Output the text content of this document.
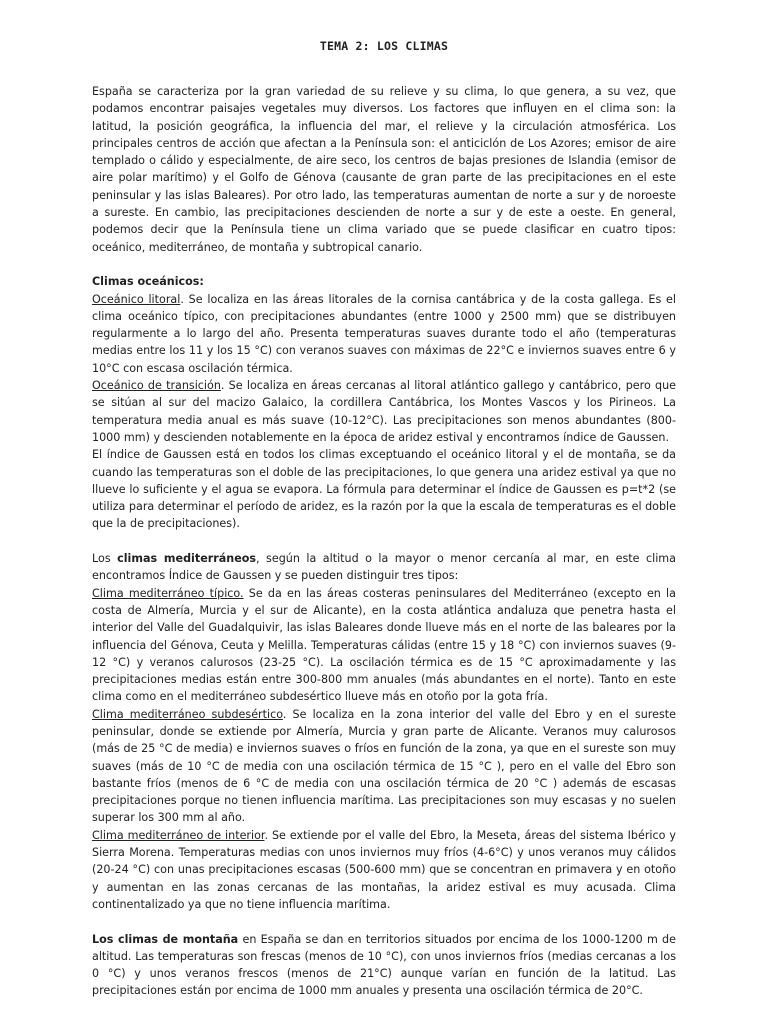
TEMA 2: LOS CLIMAS

España se caracteriza por la gran variedad de su relieve y su clima, lo que genera, a su vez, que podamos encontrar paisajes vegetales muy diversos. Los factores que influyen en el clima son: la latitud, la posición geográfica, la influencia del mar, el relieve y la circulación atmosférica. Los principales centros de acción que afectan a la Península son: el anticiclón de Los Azores; emisor de aire templado o cálido y especialmente, de aire seco, los centros de bajas presiones de Islandia (emisor de aire polar marítimo) y el Golfo de Génova (causante de gran parte de las precipitaciones en el este peninsular y las islas Baleares). Por otro lado, las temperaturas aumentan de norte a sur y de noroeste a sureste. En cambio, las precipitaciones descienden de norte a sur y de este a oeste. En general, podemos decir que la Península tiene un clima variado que se puede clasificar en cuatro tipos: oceánico, mediterráneo, de montaña y subtropical canario.

Climas oceánicos:

Oceánico litoral. Se localiza en las áreas litorales de la cornisa cantábrica y de la costa gallega. Es el clima oceánico típico, con precipitaciones abundantes (entre 1000 y 2500 mm) que se distribuyen regularmente a lo largo del año. Presenta temperaturas suaves durante todo el año (temperaturas medias entre los 11 y los 15 °C) con veranos suaves con máximas de 22°C e inviernos suaves entre 6 y 10°C con escasa oscilación térmica.

Oceánico de transición. Se localiza en áreas cercanas al litoral atlántico gallego y cantábrico, pero que se sitúan al sur del macizo Galaico, la cordillera Cantábrica, los Montes Vascos y los Pirineos. La temperatura media anual es más suave (10-12°C). Las precipitaciones son menos abundantes (800-1000 mm) y descienden notablemente en la época de aridez estival y encontramos índice de Gaussen.

El índice de Gaussen está en todos los climas exceptuando el oceánico litoral y el de montaña, se da cuando las temperaturas son el doble de las precipitaciones, lo que genera una aridez estival ya que no llueve lo suficiente y el agua se evapora. La fórmula para determinar el índice de Gaussen es p=t*2 (se utiliza para determinar el período de aridez, es la razón por la que la escala de temperaturas es el doble que la de precipitaciones).

Los climas mediterráneos, según la altitud o la mayor o menor cercanía al mar, en este clima encontramos Índice de Gaussen y se pueden distinguir tres tipos:

Clima mediterráneo típico. Se da en las áreas costeras peninsulares del Mediterráneo (excepto en la costa de Almería, Murcia y el sur de Alicante), en la costa atlántica andaluza que penetra hasta el interior del Valle del Guadalquivir, las islas Baleares donde llueve más en el norte de las baleares por la influencia del Génova, Ceuta y Melilla. Temperaturas cálidas (entre 15 y 18 °C) con inviernos suaves (9-12 °C) y veranos calurosos (23-25 °C). La oscilación térmica es de 15 °C aproximadamente y las precipitaciones medias están entre 300-800 mm anuales (más abundantes en el norte). Tanto en este clima como en el mediterráneo subdesértico llueve más en otoño por la gota fría.

Clima mediterráneo subdesértico. Se localiza en la zona interior del valle del Ebro y en el sureste peninsular, donde se extiende por Almería, Murcia y gran parte de Alicante. Veranos muy calurosos (más de 25 °C de media) e inviernos suaves o fríos en función de la zona, ya que en el sureste son muy suaves (más de 10 °C de media con una oscilación térmica de 15 °C ), pero en el valle del Ebro son bastante fríos (menos de 6 °C de media con una oscilación térmica de 20 °C ) además de escasas precipitaciones porque no tienen influencia marítima. Las precipitaciones son muy escasas y no suelen superar los 300 mm al año.

Clima mediterráneo de interior. Se extiende por el valle del Ebro, la Meseta, áreas del sistema Ibérico y Sierra Morena. Temperaturas medias con unos inviernos muy fríos (4-6°C) y unos veranos muy cálidos (20-24 °C) con unas precipitaciones escasas (500-600 mm) que se concentran en primavera y en otoño y aumentan en las zonas cercanas de las montañas, la aridez estival es muy acusada. Clima continentalizado ya que no tiene influencia marítima.

Los climas de montaña en España se dan en territorios situados por encima de los 1000-1200 m de altitud. Las temperaturas son frescas (menos de 10 °C), con unos inviernos fríos (medias cercanas a los 0 °C) y unos veranos frescos (menos de 21°C) aunque varían en función de la latitud. Las precipitaciones están por encima de 1000 mm anuales y presenta una oscilación térmica de 20°C.
